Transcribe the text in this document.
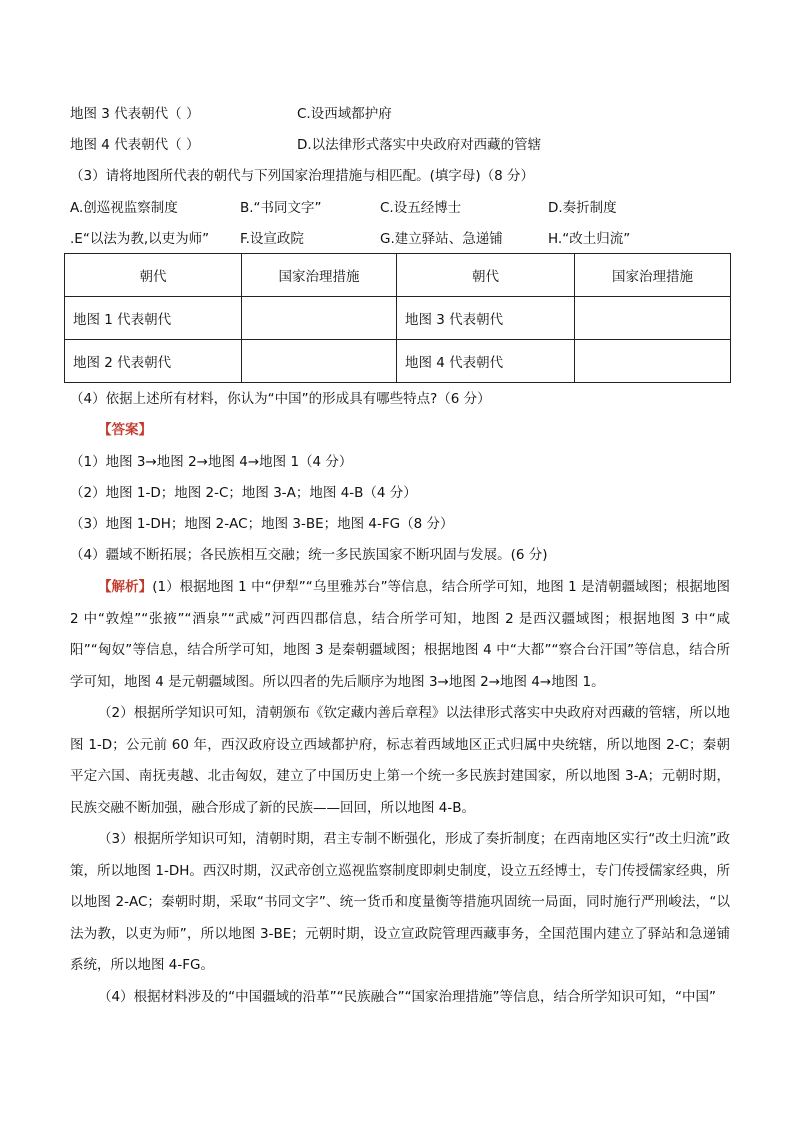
地图 3 代表朝代（ ）	C.设西域都护府
地图 4 代表朝代（ ）	D.以法律形式落实中央政府对西藏的管辖
（3）请将地图所代表的朝代与下列国家治理措施与相匹配。(填字母)（8 分）
A.创巡视监察制度	B.“书同文字”	C.设五经博士	D.奏折制度
.E“以法为教,以吏为师” F.设宣政院	G.建立驿站、急递铺	H.“改土归流”
朝代	国家治理措施	朝代	国家治理措施
地图 1 代表朝代		地图 3 代表朝代	
地图 2 代表朝代		地图 4 代表朝代	
（4）依据上述所有材料，你认为“中国”的形成具有哪些特点?（6 分）
【答案】
（1）地图 3→地图 2→地图 4→地图 1（4 分）
（2）地图 1-D；地图 2-C；地图 3-A；地图 4-B（4 分）
（3）地图 1-DH；地图 2-AC；地图 3-BE；地图 4-FG（8 分）
（4）疆域不断拓展；各民族相互交融；统一多民族国家不断巩固与发展。(6 分)

【解析】(1）根据地图 1 中“伊犁”“乌里雅苏台”等信息，结合所学可知，地图 1 是清朝疆域图；根据地图 2 中“敦煌”“张掖”“酒泉”“武威”河西四郡信息，结合所学可知，地图 2 是西汉疆域图；根据地图 3 中“咸阳”“匈奴”等信息，结合所学可知，地图 3 是秦朝疆域图；根据地图 4 中“大都”“察合台汗国”等信息，结合所学可知，地图 4 是元朝疆域图。所以四者的先后顺序为地图 3→地图 2→地图 4→地图 1。

（2）根据所学知识可知，清朝颁布《钦定藏内善后章程》以法律形式落实中央政府对西藏的管辖，所以地图 1-D；公元前 60 年，西汉政府设立西域都护府，标志着西域地区正式归属中央统辖，所以地图 2-C；秦朝平定六国、南抚夷越、北击匈奴，建立了中国历史上第一个统一多民族封建国家，所以地图 3-A；元朝时期，民族交融不断加强，融合形成了新的民族——回回，所以地图 4-B。

（3）根据所学知识可知，清朝时期，君主专制不断强化，形成了奏折制度；在西南地区实行“改土归流”政策，所以地图 1-DH。西汉时期，汉武帝创立巡视监察制度即刺史制度，设立五经博士，专门传授儒家经典，所以地图 2-AC；秦朝时期，采取“书同文字”、统一货币和度量衡等措施巩固统一局面，同时施行严刑峻法，“以法为教，以吏为师”，所以地图 3-BE；元朝时期，设立宣政院管理西藏事务，全国范围内建立了驿站和急递铺系统，所以地图 4-FG。

（4）根据材料涉及的“中国疆域的沿革”“民族融合”“国家治理措施”等信息，结合所学知识可知，“中国”
